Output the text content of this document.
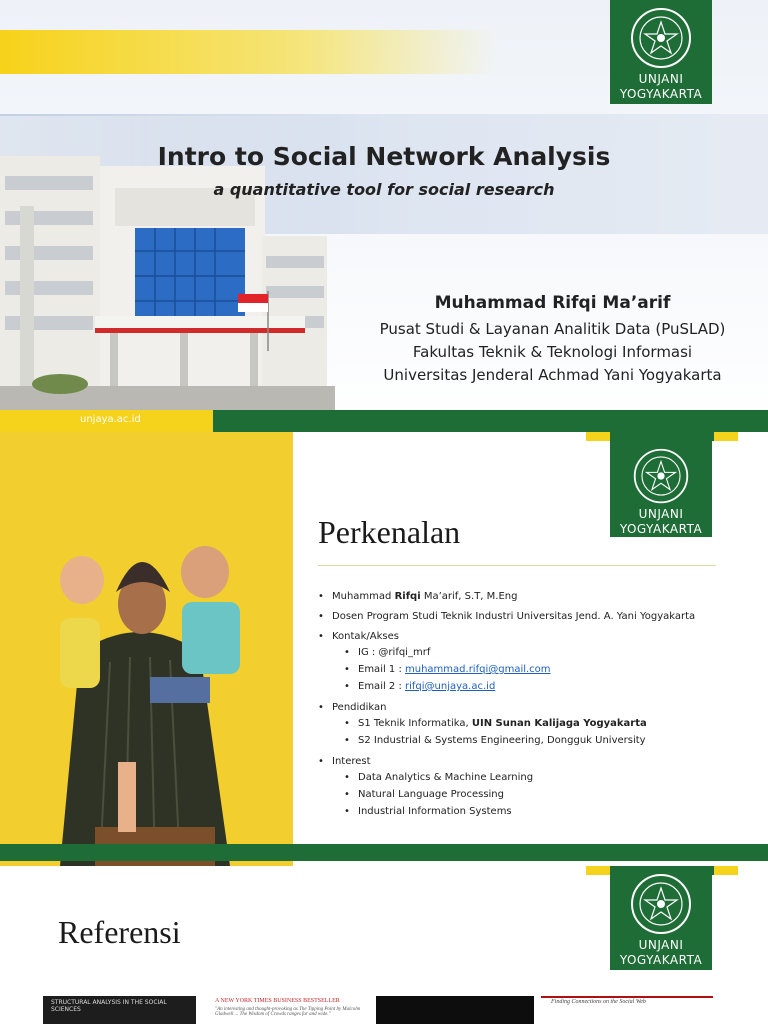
UNJANI
YOGYAKARTA
Intro to Social Network Analysis
a quantitative tool for social research
Muhammad Rifqi Ma’arif
Pusat Studi & Layanan Analitik Data (PuSLAD)
Fakultas Teknik & Teknologi Informasi
Universitas Jenderal Achmad Yani Yogyakarta
unjaya.ac.id
UNJANI
YOGYAKARTA
Perkenalan
• Muhammad Rifqi Ma’arif, S.T, M.Eng
• Dosen Program Studi Teknik Industri Universitas Jend. A. Yani Yogyakarta
• Kontak/Akses
• IG : @rifqi_mrf
• Email 1 : muhammad.rifqi@gmail.com
• Email 2 : rifqi@unjaya.ac.id
• Pendidikan
• S1 Teknik Informatika, UIN Sunan Kalijaga Yogyakarta
• S2 Industrial & Systems Engineering, Dongguk University
• Interest
• Data Analytics & Machine Learning
• Natural Language Processing
• Industrial Information Systems
UNJANI
YOGYAKARTA
Referensi
STRUCTURAL ANALYSIS IN THE SOCIAL SCIENCES
A NEW YORK TIMES BUSINESS BESTSELLER
"An interesting and thought-provoking as The Tipping Point by Malcolm Gladwell ... The Wisdom of Crowds ranges far and wide."
Finding Connections on the Social Web
